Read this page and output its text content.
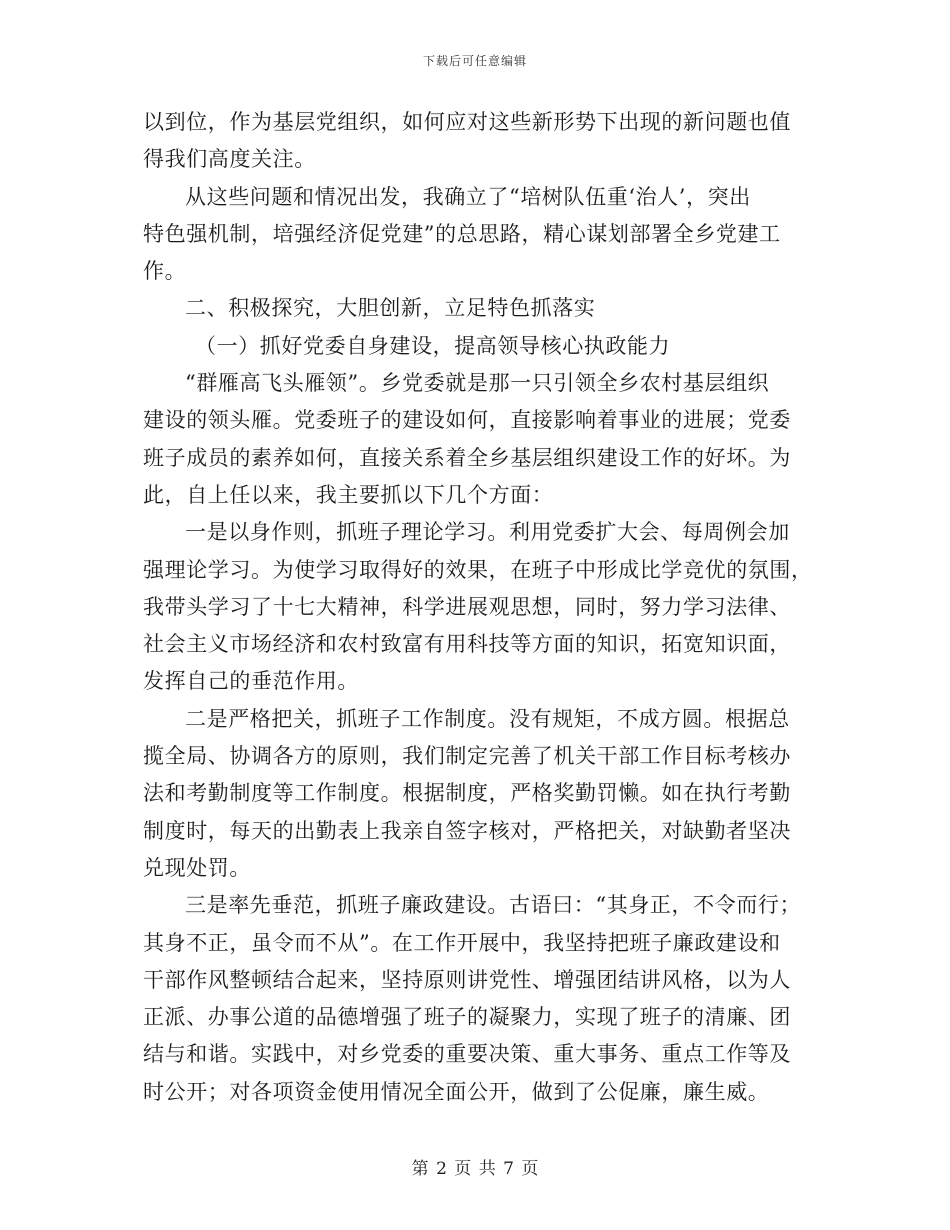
下载后可任意编辑
以到位，作为基层党组织，如何应对这些新形势下出现的新问题也值
得我们高度关注。
从这些问题和情况出发，我确立了“培树队伍重‘治人’，突出
特色强机制，培强经济促党建”的总思路，精心谋划部署全乡党建工
作。
二、积极探究，大胆创新，立足特色抓落实
（一）抓好党委自身建设，提高领导核心执政能力
“群雁高飞头雁领”。乡党委就是那一只引领全乡农村基层组织
建设的领头雁。党委班子的建设如何，直接影响着事业的进展；党委
班子成员的素养如何，直接关系着全乡基层组织建设工作的好坏。为
此，自上任以来，我主要抓以下几个方面：
一是以身作则，抓班子理论学习。利用党委扩大会、每周例会加
强理论学习。为使学习取得好的效果，在班子中形成比学竞优的氛围，
我带头学习了十七大精神，科学进展观思想，同时，努力学习法律、
社会主义市场经济和农村致富有用科技等方面的知识，拓宽知识面，
发挥自己的垂范作用。
二是严格把关，抓班子工作制度。没有规矩，不成方圆。根据总
揽全局、协调各方的原则，我们制定完善了机关干部工作目标考核办
法和考勤制度等工作制度。根据制度，严格奖勤罚懒。如在执行考勤
制度时，每天的出勤表上我亲自签字核对，严格把关，对缺勤者坚决
兑现处罚。
三是率先垂范，抓班子廉政建设。古语曰：“其身正，不令而行；
其身不正，虽令而不从”。在工作开展中，我坚持把班子廉政建设和
干部作风整顿结合起来，坚持原则讲党性、增强团结讲风格，以为人
正派、办事公道的品德增强了班子的凝聚力，实现了班子的清廉、团
结与和谐。实践中，对乡党委的重要决策、重大事务、重点工作等及
时公开；对各项资金使用情况全面公开，做到了公促廉，廉生威。
第 2 页 共 7 页
